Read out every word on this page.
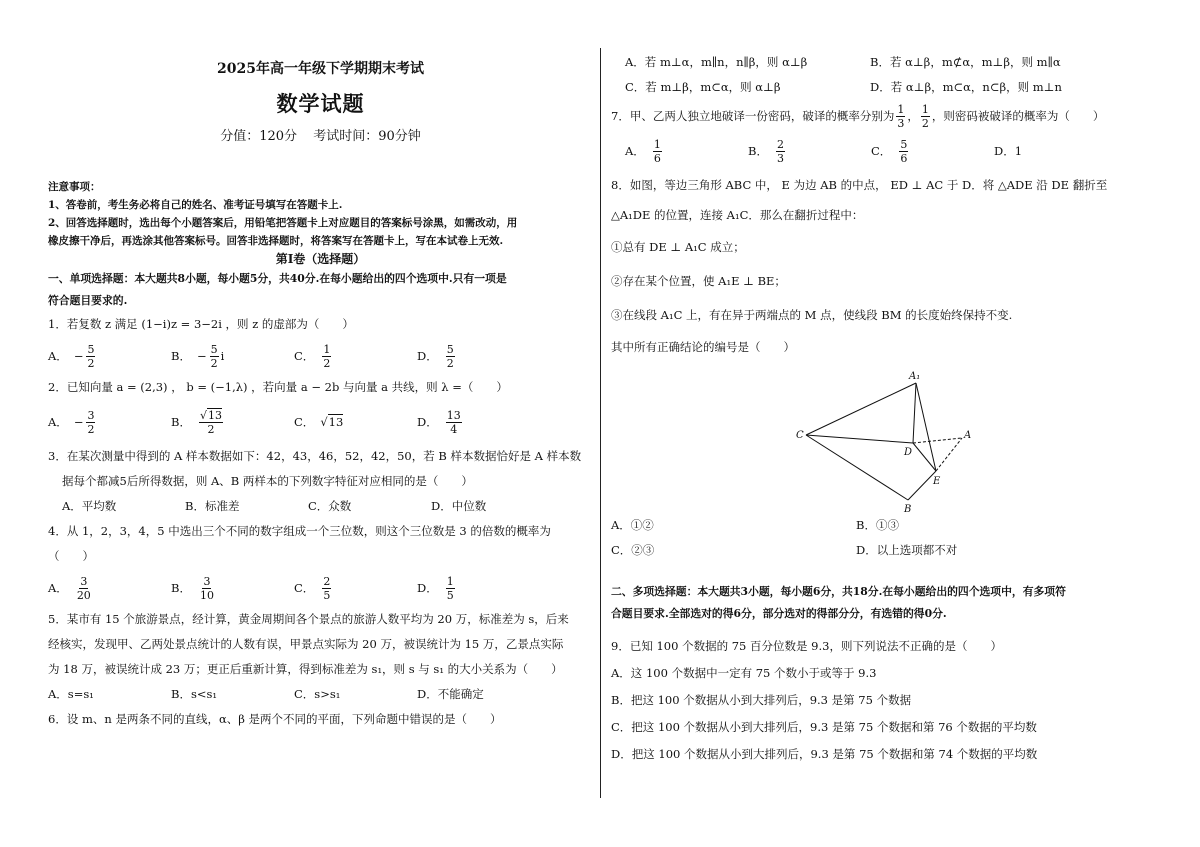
2025年高一年级下学期期末考试
数学试题
分值：120分 考试时间：90分钟
注意事项：
1、答卷前，考生务必将自己的姓名、准考证号填写在答题卡上.
2、回答选择题时，选出每个小题答案后，用铅笔把答题卡上对应题目的答案标号涂黑，如需改动，用
橡皮擦干净后，再选涂其他答案标号。回答非选择题时，将答案写在答题卡上，写在本试卷上无效.
第Ⅰ卷（选择题）
一、单项选择题：本大题共8小题，每小题5分，共40分.在每小题给出的四个选项中.只有一项是
符合题目要求的.
1．若复数 z 满足 (1−i)z = 3−2i ，则 z 的虚部为（　　）
A． − $\frac{5}{2}$	B． − $\frac{5}{2}$ i	C． $\frac{1}{2}$	D． $\frac{5}{2}$
2．已知向量 a = (2,3) ， b = (−1,λ) ，若向量 a − 2b 与向量 a 共线，则 λ =（　　）
A． − $\frac{3}{2}$	B． $\frac{√13}{2}$	C． √13	D． $\frac{13}{4}$
3．在某次测量中得到的 A 样本数据如下：42，43，46，52，42，50，若 B 样本数据恰好是 A 样本数
据每个都减5后所得数据，则 A、B 两样本的下列数字特征对应相同的是（　　）
A．平均数	B．标准差	C．众数	D．中位数
4．从 1，2，3，4，5 中选出三个不同的数字组成一个三位数，则这个三位数是 3 的倍数的概率为
（　　）
A． $\frac{3}{20}$	B． $\frac{3}{10}$	C． $\frac{2}{5}$	D． $\frac{1}{5}$
5．某市有 15 个旅游景点，经计算，黄金周期间各个景点的旅游人数平均为 20 万，标准差为 s，后来
经核实，发现甲、乙两处景点统计的人数有误，甲景点实际为 20 万，被误统计为 15 万，乙景点实际
为 18 万，被误统计成 23 万；更正后重新计算，得到标准差为 s₁，则 s 与 s₁ 的大小关系为（　　）
A．s=s₁	B．s<s₁	C．s>s₁	D．不能确定
6．设 m、n 是两条不同的直线，α、β 是两个不同的平面，下列命题中错误的是（　　）
A．若 m⊥α，m∥n，n∥β，则 α⊥β	B．若 α⊥β，m⊄α，m⊥β，则 m∥α
C．若 m⊥β，m⊂α，则 α⊥β	D．若 α⊥β，m⊂α，n⊂β，则 m⊥n
7．甲、乙两人独立地破译一份密码，破译的概率分别为 $\frac{1}{3}$ ， $\frac{1}{2}$ ，则密码被破译的概率为（　　）
A． $\frac{1}{6}$	B． $\frac{2}{3}$	C． $\frac{5}{6}$	D．1
8．如图，等边三角形 ABC 中， E 为边 AB 的中点， ED ⊥ AC 于 D．将 △ADE 沿 DE 翻折至
△A₁DE 的位置，连接 A₁C．那么在翻折过程中：
①总有 DE ⊥ A₁C 成立；
②存在某个位置，使 A₁E ⊥ BE；
③在线段 A₁C 上，有在异于两端点的 M 点，使线段 BM 的长度始终保持不变.
其中所有正确结论的编号是（　　）
A₁
A
C
D
E
B
A．①②	B．①③
C．②③	D．以上选项都不对
二、多项选择题：本大题共3小题，每小题6分，共18分.在每小题给出的四个选项中，有多项符
合题目要求.全部选对的得6分，部分选对的得部分分，有选错的得0分.
9．已知 100 个数据的 75 百分位数是 9.3，则下列说法不正确的是（　　）
A．这 100 个数据中一定有 75 个数小于或等于 9.3
B．把这 100 个数据从小到大排列后，9.3 是第 75 个数据
C．把这 100 个数据从小到大排列后，9.3 是第 75 个数据和第 76 个数据的平均数
D．把这 100 个数据从小到大排列后，9.3 是第 75 个数据和第 74 个数据的平均数
